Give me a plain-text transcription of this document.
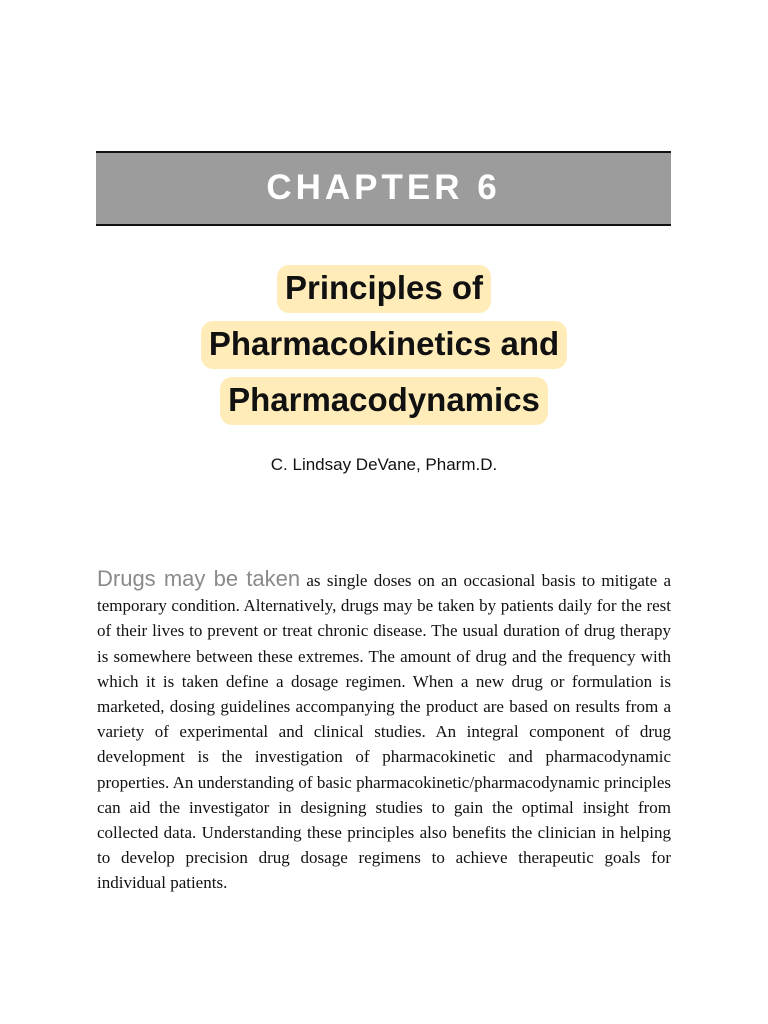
CHAPTER 6
Principles of
Pharmacokinetics and
Pharmacodynamics
C. Lindsay DeVane, Pharm.D.

Drugs may be taken as single doses on an occasional basis to mitigate a temporary condition. Alternatively, drugs may be taken by patients daily for the rest of their lives to prevent or treat chronic disease. The usual duration of drug therapy is somewhere between these extremes. The amount of drug and the frequency with which it is taken define a dosage regimen. When a new drug or formulation is marketed, dosing guidelines accompanying the product are based on results from a variety of experimental and clinical studies. An integral component of drug development is the investigation of pharmacokinetic and pharmacodynamic properties. An understanding of basic pharmacokinetic/pharmacodynamic principles can aid the investigator in designing studies to gain the optimal insight from collected data. Understanding these principles also benefits the clinician in helping to develop precision drug dosage regimens to achieve therapeutic goals for individual patients.
